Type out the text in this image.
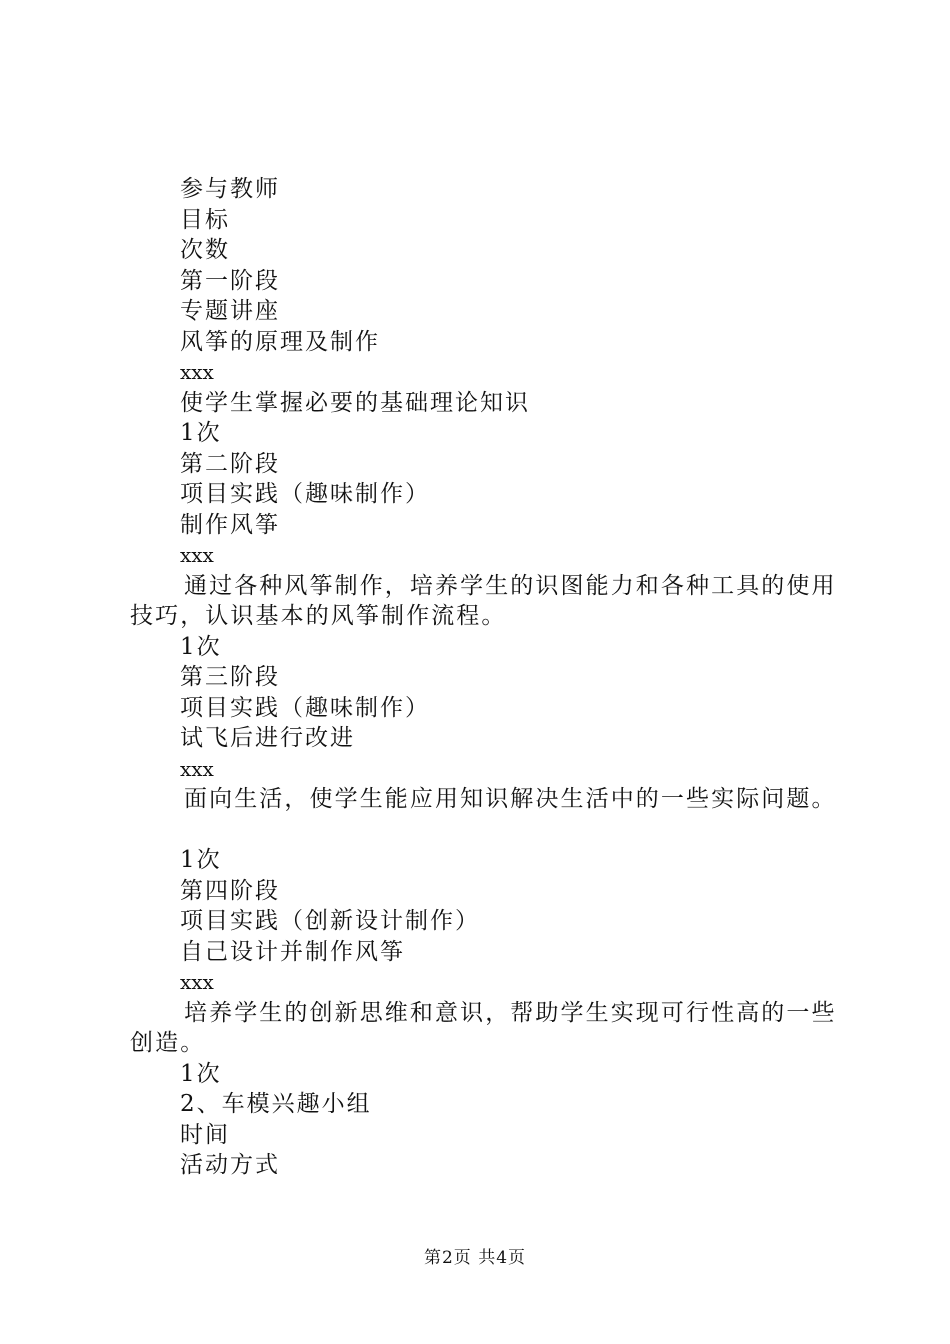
参与教师
目标
次数
第一阶段
专题讲座
风筝的原理及制作
xxx
使学生掌握必要的基础理论知识
1次
第二阶段
项目实践（趣味制作）
制作风筝
xxx
通过各种风筝制作，培养学生的识图能力和各种工具的使用技巧，认识基本的风筝制作流程。
1次
第三阶段
项目实践（趣味制作）
试飞后进行改进
xxx
面向生活，使学生能应用知识解决生活中的一些实际问题。
1次
第四阶段
项目实践（创新设计制作）
自己设计并制作风筝
xxx
培养学生的创新思维和意识，帮助学生实现可行性高的一些创造。
1次
2、车模兴趣小组
时间
活动方式
第2页 共4页
